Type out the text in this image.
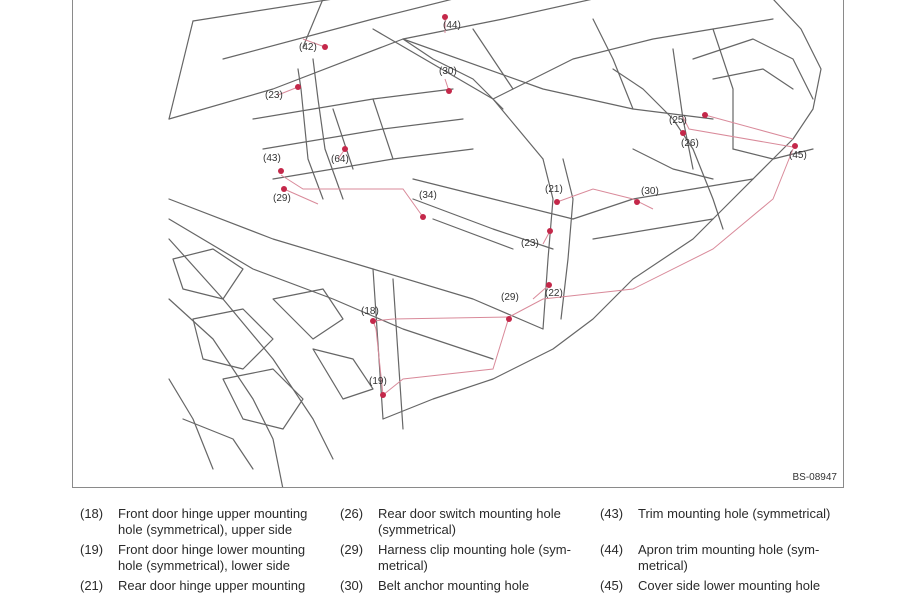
BS-08947
(44)
(42)
(30)
(23)
(43)	(64)
(29)	(34)
(21)	(30)
(25)
(26)
(45)
(23)
(22)
(29)
(18)
(19)
(18) Front door hinge upper mounting hole (symmetrical), upper side
(19) Front door hinge lower mounting hole (symmetrical), lower side
(21) Rear door hinge upper mounting
(26) Rear door switch mounting hole (symmetrical)
(29) Harness clip mounting hole (sym-metrical)
(30) Belt anchor mounting hole
(43) Trim mounting hole (symmetrical)
(44) Apron trim mounting hole (sym-metrical)
(45) Cover side lower mounting hole
